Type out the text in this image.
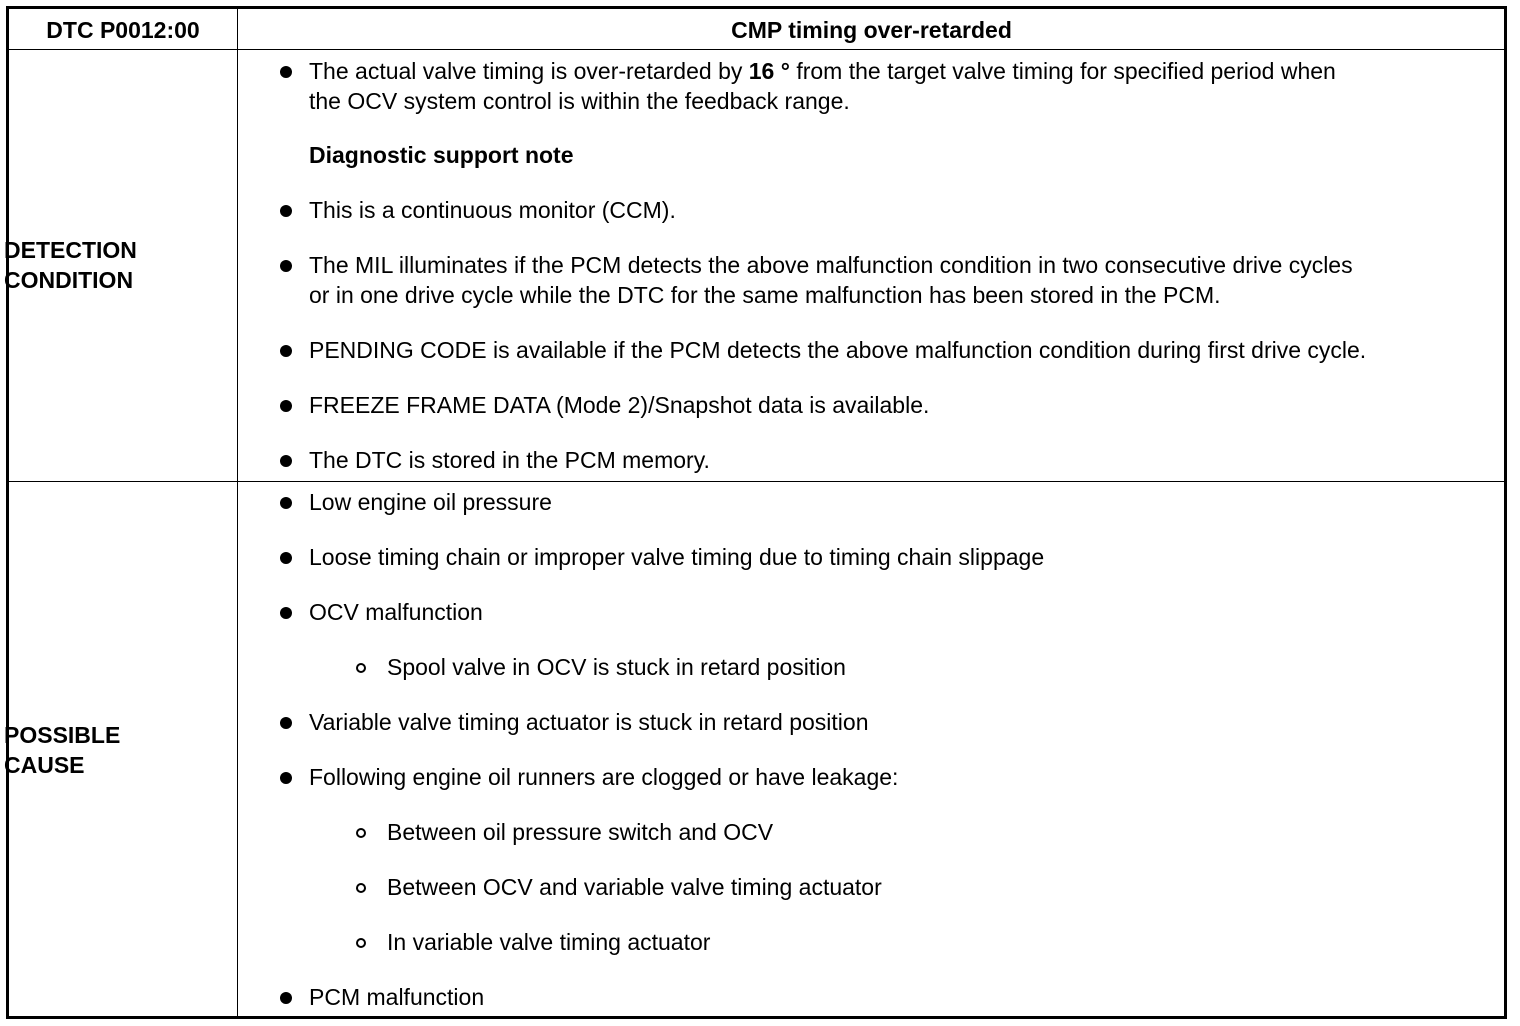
DTC P0012:00	CMP timing over-retarded
DETECTION
CONDITION
The actual valve timing is over-retarded by 16 ° from the target valve timing for specified period when
the OCV system control is within the feedback range.
Diagnostic support note
This is a continuous monitor (CCM).
The MIL illuminates if the PCM detects the above malfunction condition in two consecutive drive cycles
or in one drive cycle while the DTC for the same malfunction has been stored in the PCM.
PENDING CODE is available if the PCM detects the above malfunction condition during first drive cycle.
FREEZE FRAME DATA (Mode 2)/Snapshot data is available.
The DTC is stored in the PCM memory.
POSSIBLE
CAUSE
Low engine oil pressure
Loose timing chain or improper valve timing due to timing chain slippage
OCV malfunction
Spool valve in OCV is stuck in retard position
Variable valve timing actuator is stuck in retard position
Following engine oil runners are clogged or have leakage:
Between oil pressure switch and OCV
Between OCV and variable valve timing actuator
In variable valve timing actuator
PCM malfunction
